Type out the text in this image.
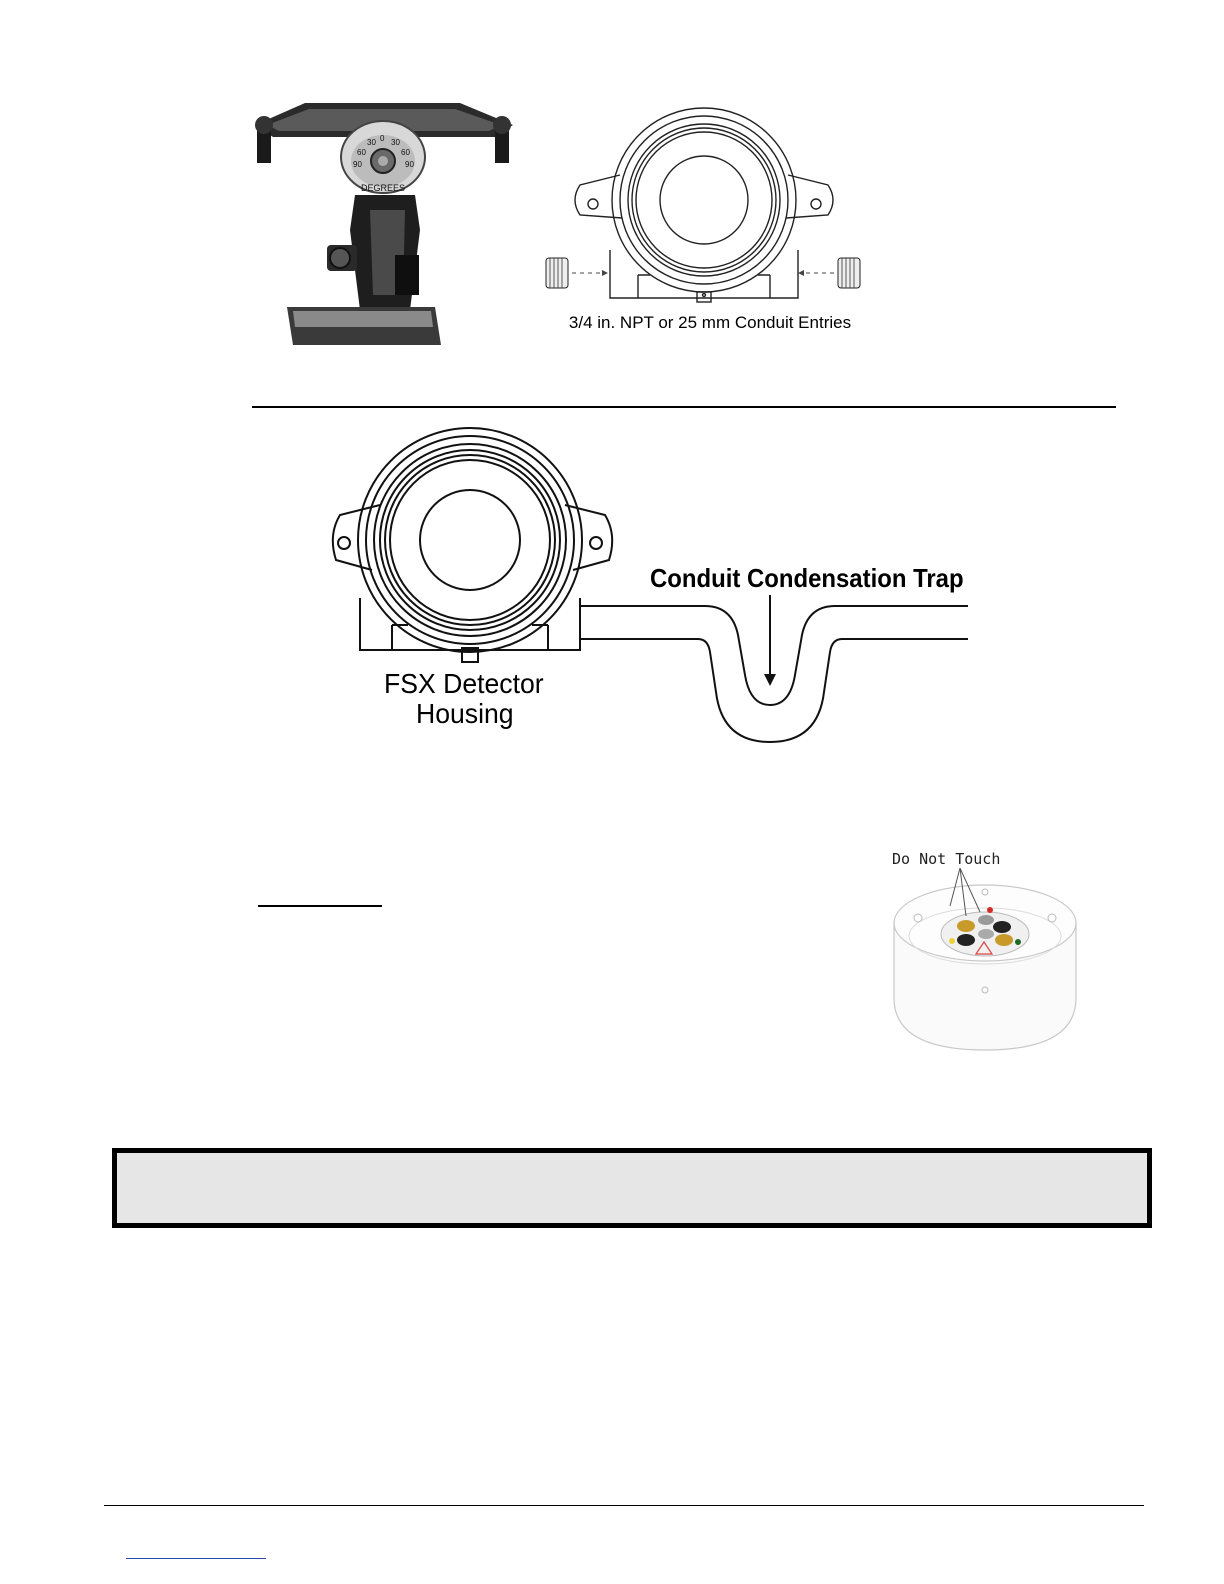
DEGREES
90
60
30 0 30
60
90
3/4 in. NPT or 25 mm Conduit Entries
Conduit Condensation Trap
FSX Detector
Housing
Do Not Touch
